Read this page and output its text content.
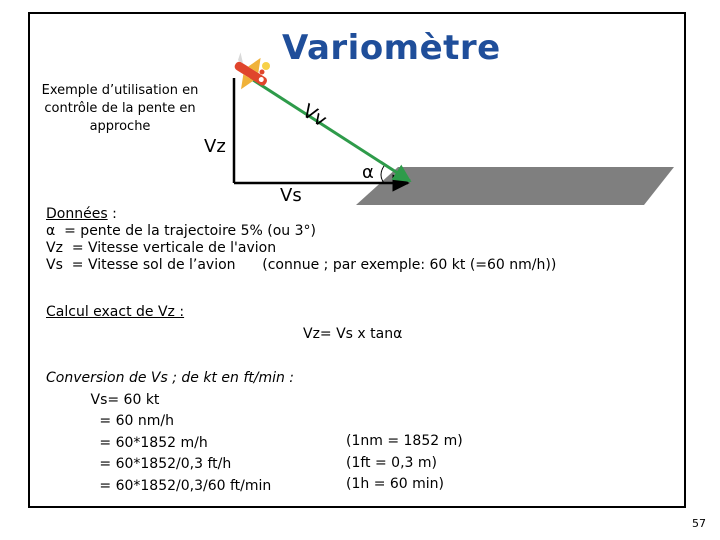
Variomètre
Exemple d’utilisation en
contrôle de la pente en
approche	Vv
Vz
α
Vs
Données :
α  = pente de la trajectoire 5% (ou 3°)
Vz  = Vitesse verticale de l'avion
Vs  = Vitesse sol de l’avion      (connue ; par exemple: 60 kt (=60 nm/h))
Calcul exact de Vz :
Vz= Vs x tanα
Conversion de Vs ; de kt en ft/min :
Vs= 60 kt
= 60 nm/h
= 60*1852 m/h
= 60*1852/0,3 ft/h
= 60*1852/0,3/60 ft/min
(1nm = 1852 m)
(1ft = 0,3 m)
(1h = 60 min)
57
